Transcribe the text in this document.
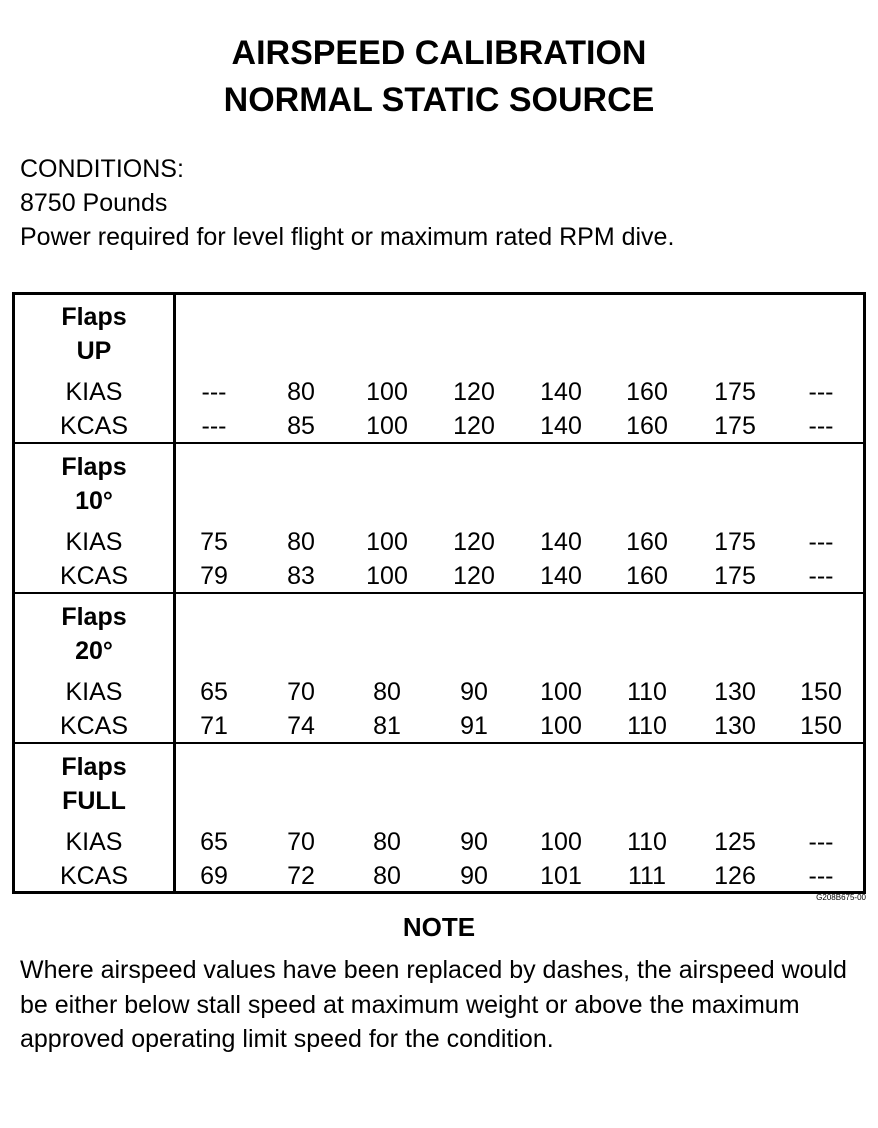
AIRSPEED CALIBRATION
NORMAL STATIC SOURCE
CONDITIONS:
8750 Pounds
Power required for level flight or maximum rated RPM dive.
Flaps
UP
KIAS	---	80	100	120	140	160	175	---
KCAS	---	85	100	120	140	160	175	---
Flaps
10°
KIAS	75	80	100	120	140	160	175	---
KCAS	79	83	100	120	140	160	175	---
Flaps
20°
KIAS	65	70	80	90	100	110	130	150
KCAS	71	74	81	91	100	110	130	150
Flaps
FULL
KIAS	65	70	80	90	100	110	125	---
KCAS	69	72	80	90	101	111	126	---
G208B675-00
NOTE
Where airspeed values have been replaced by dashes, the airspeed would be either below stall speed at maximum weight or above the maximum approved operating limit speed for the condition.
